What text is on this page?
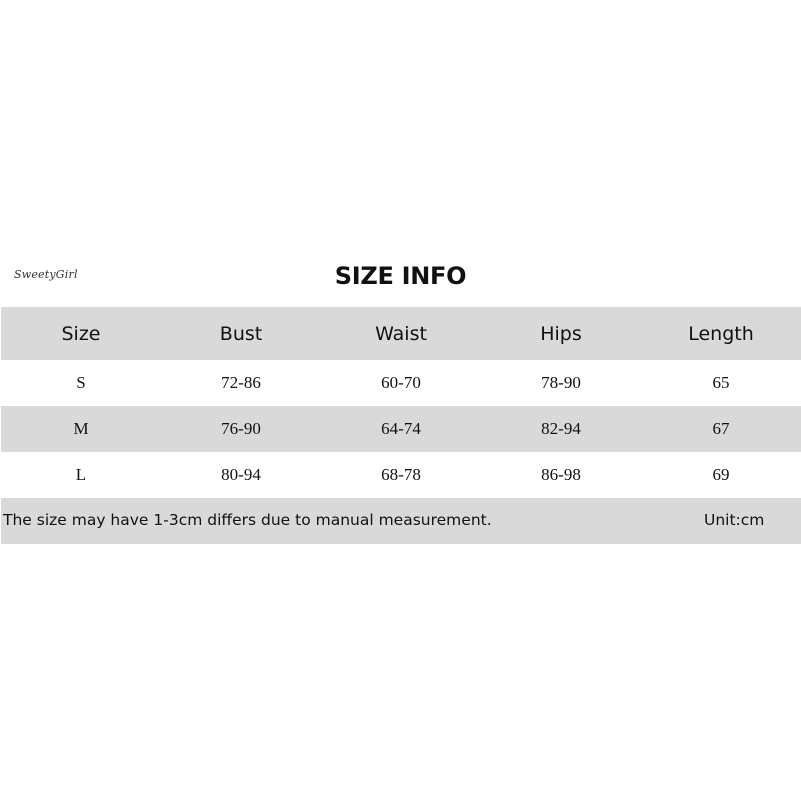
SweetyGirl	SIZE INFO
Size	Bust	Waist	Hips	Length
S	72-86	60-70	78-90	65
M	76-90	64-74	82-94	67
L	80-94	68-78	86-98	69
The size may have 1-3cm differs due to manual measurement.	Unit:cm
